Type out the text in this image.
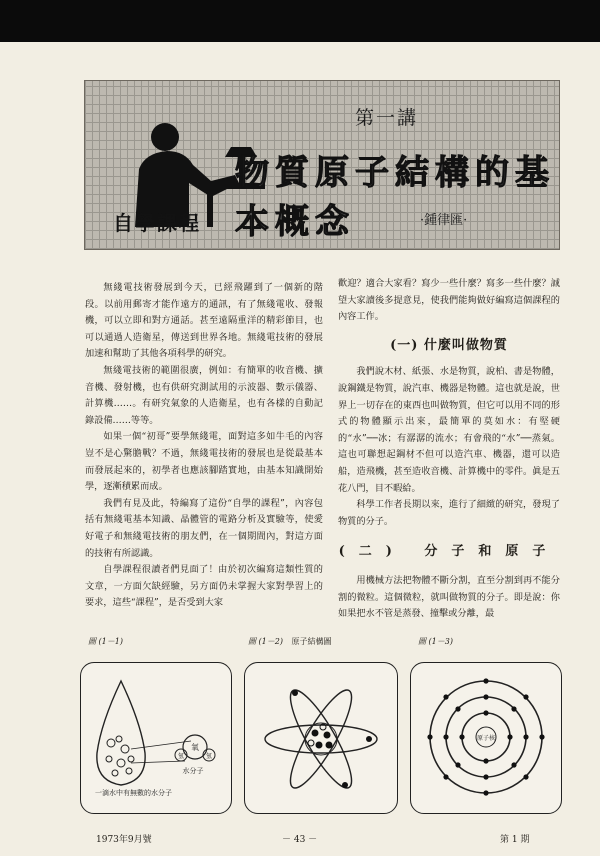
第一講
物質原子結構的基本概念	·鍾律匯·
自學課程

無綫電技術發展到今天，已經飛躍到了一個新的階段。以前用郵寄才能作遠方的通訊，有了無綫電收、發報機，可以立即和對方通話。甚至遠隔重洋的精彩節目，也可以通過人造衛星，傳送到世界各地。無綫電技術的發展加速和幫助了其他各項科學的研究。

無綫電技術的範圍很廣，例如：有簡單的收音機、擴音機、發射機，也有供研究測試用的示波器、數示儀器、計算機……。有研究氣象的人造衛星，也有各樣的自動記錄設備……等等。

如果一個“初哥”要學無綫電，面對這多如牛毛的內容豈不是心驚膽戰？不過，無綫電技術的發展也是從最基本而發展起來的，初學者也應該腳踏實地，由基本知識開始學，逐漸積累而成。

我們有見及此，特編寫了這份“自學的課程”，內容包括有無綫電基本知識、晶體管的電路分析及實驗等，使愛好電子和無綫電技術的朋友們，在一個期間內，對這方面的技術有所認識。

自學課程很讀者們見面了！由於初次編寫這類性質的文章，一方面欠缺經驗，另方面仍未掌握大家對學習上的要求，這些“課程”，是否受到大家

歡迎？適合大家看？寫少一些什麼？寫多一些什麼？誠望大家讀後多提意見，使我們能夠做好編寫這個課程的內容工作。

(一) 什麼叫做物質

我們說木材、紙張、水是物質，說柏、書是物體，說鋼鐵是物質，說汽車、機器是物體。這也就是說，世界上一切存在的東西也叫做物質，但它可以用不同的形式的物體顯示出來，最簡單的莫如水：有堅硬的“水”──冰；有潺潺的流水；有會飛的“水”──蒸氣。這也可聯想起鋼材不但可以造汽車、機器，還可以造船，造飛機，甚至造收音機、計算機中的零件。眞是五花八門，目不暇給。

科學工作者長期以來，進行了細緻的研究，發現了物質的分子。

(二) 分子和原子

用機械方法把物體不斷分割，直至分割到再不能分割的微粒。這個微粒，就叫做物質的分子。即是說：你如果把水不管是蒸發、撞擊或分離，最

圖 (1－1)	圖 (1－2) 原子結構圖	圖 (1－3)
氧
氫	氫
水分子
一滴水中有無數的水分子
原子核
1973年9月號	－ 43 －	第 1 期
